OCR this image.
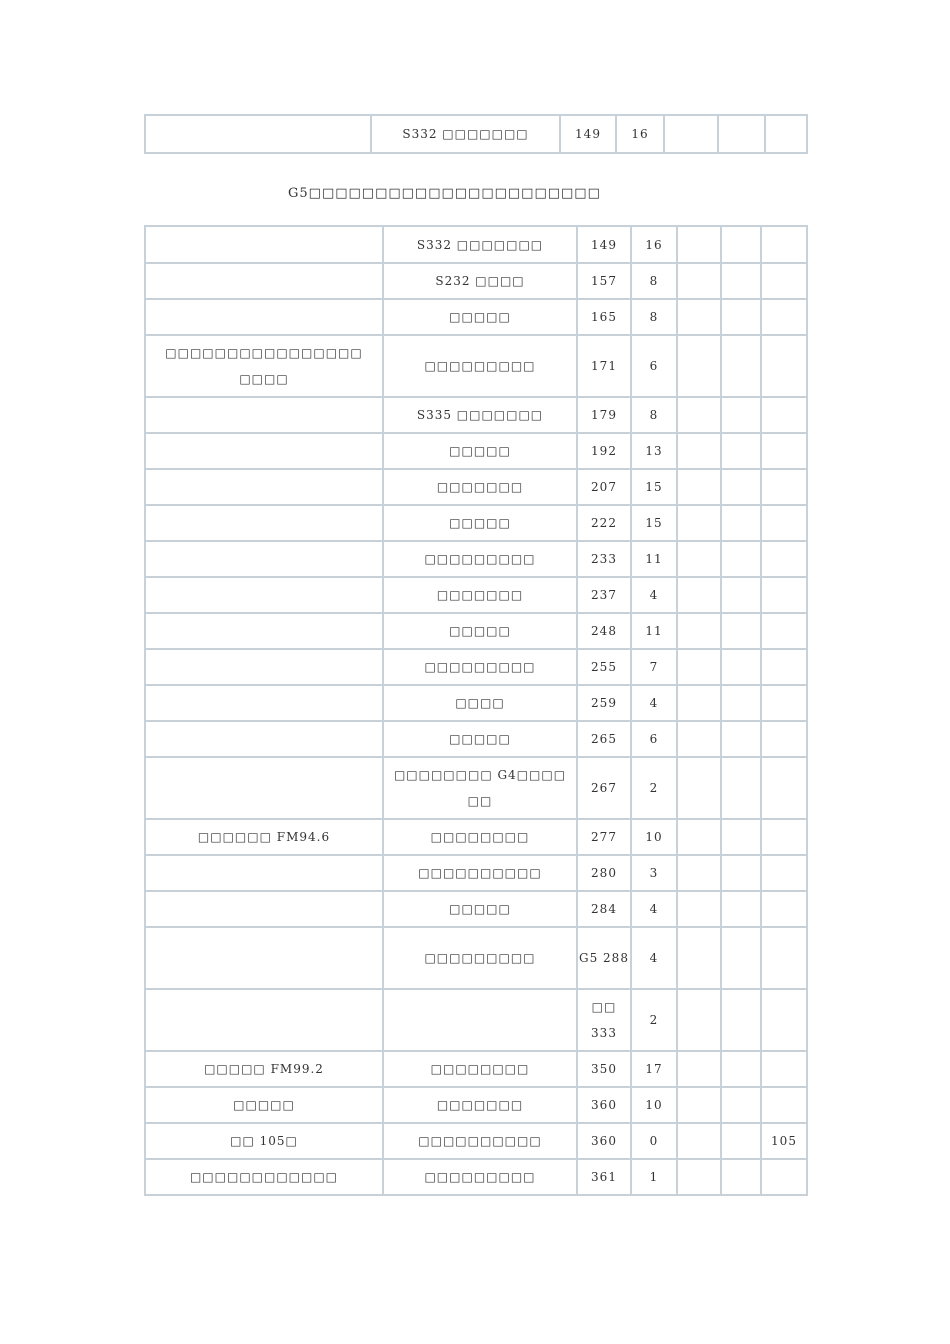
	S332 □□□□□□□	149	16			
G5□□□□□□□□□□□□□□□□□□□□□□
	S332 □□□□□□□	149	16			
	S232 □□□□	157	8			
	□□□□□	165	8			
□□□□□□□□□□□□□□□□ □□□□	□□□□□□□□□	171	6			
	S335 □□□□□□□	179	8			
	□□□□□	192	13			
	□□□□□□□	207	15			
	□□□□□	222	15			
	□□□□□□□□□	233	11			
	□□□□□□□	237	4			
	□□□□□	248	11			
	□□□□□□□□□	255	7			
	□□□□	259	4			
	□□□□□	265	6			
	□□□□□□□□ G4□□□□ □□	267	2			
□□□□□□ FM94.6	□□□□□□□□	277	10			
	□□□□□□□□□□	280	3			
	□□□□□	284	4			
	□□□□□□□□□	G5 288	4			
		□□ 333	2			
□□□□□ FM99.2	□□□□□□□□	350	17			
□□□□□	□□□□□□□	360	10			
□□ 105□	□□□□□□□□□□	360	0			105
□□□□□□□□□□□□	□□□□□□□□□	361	1			
